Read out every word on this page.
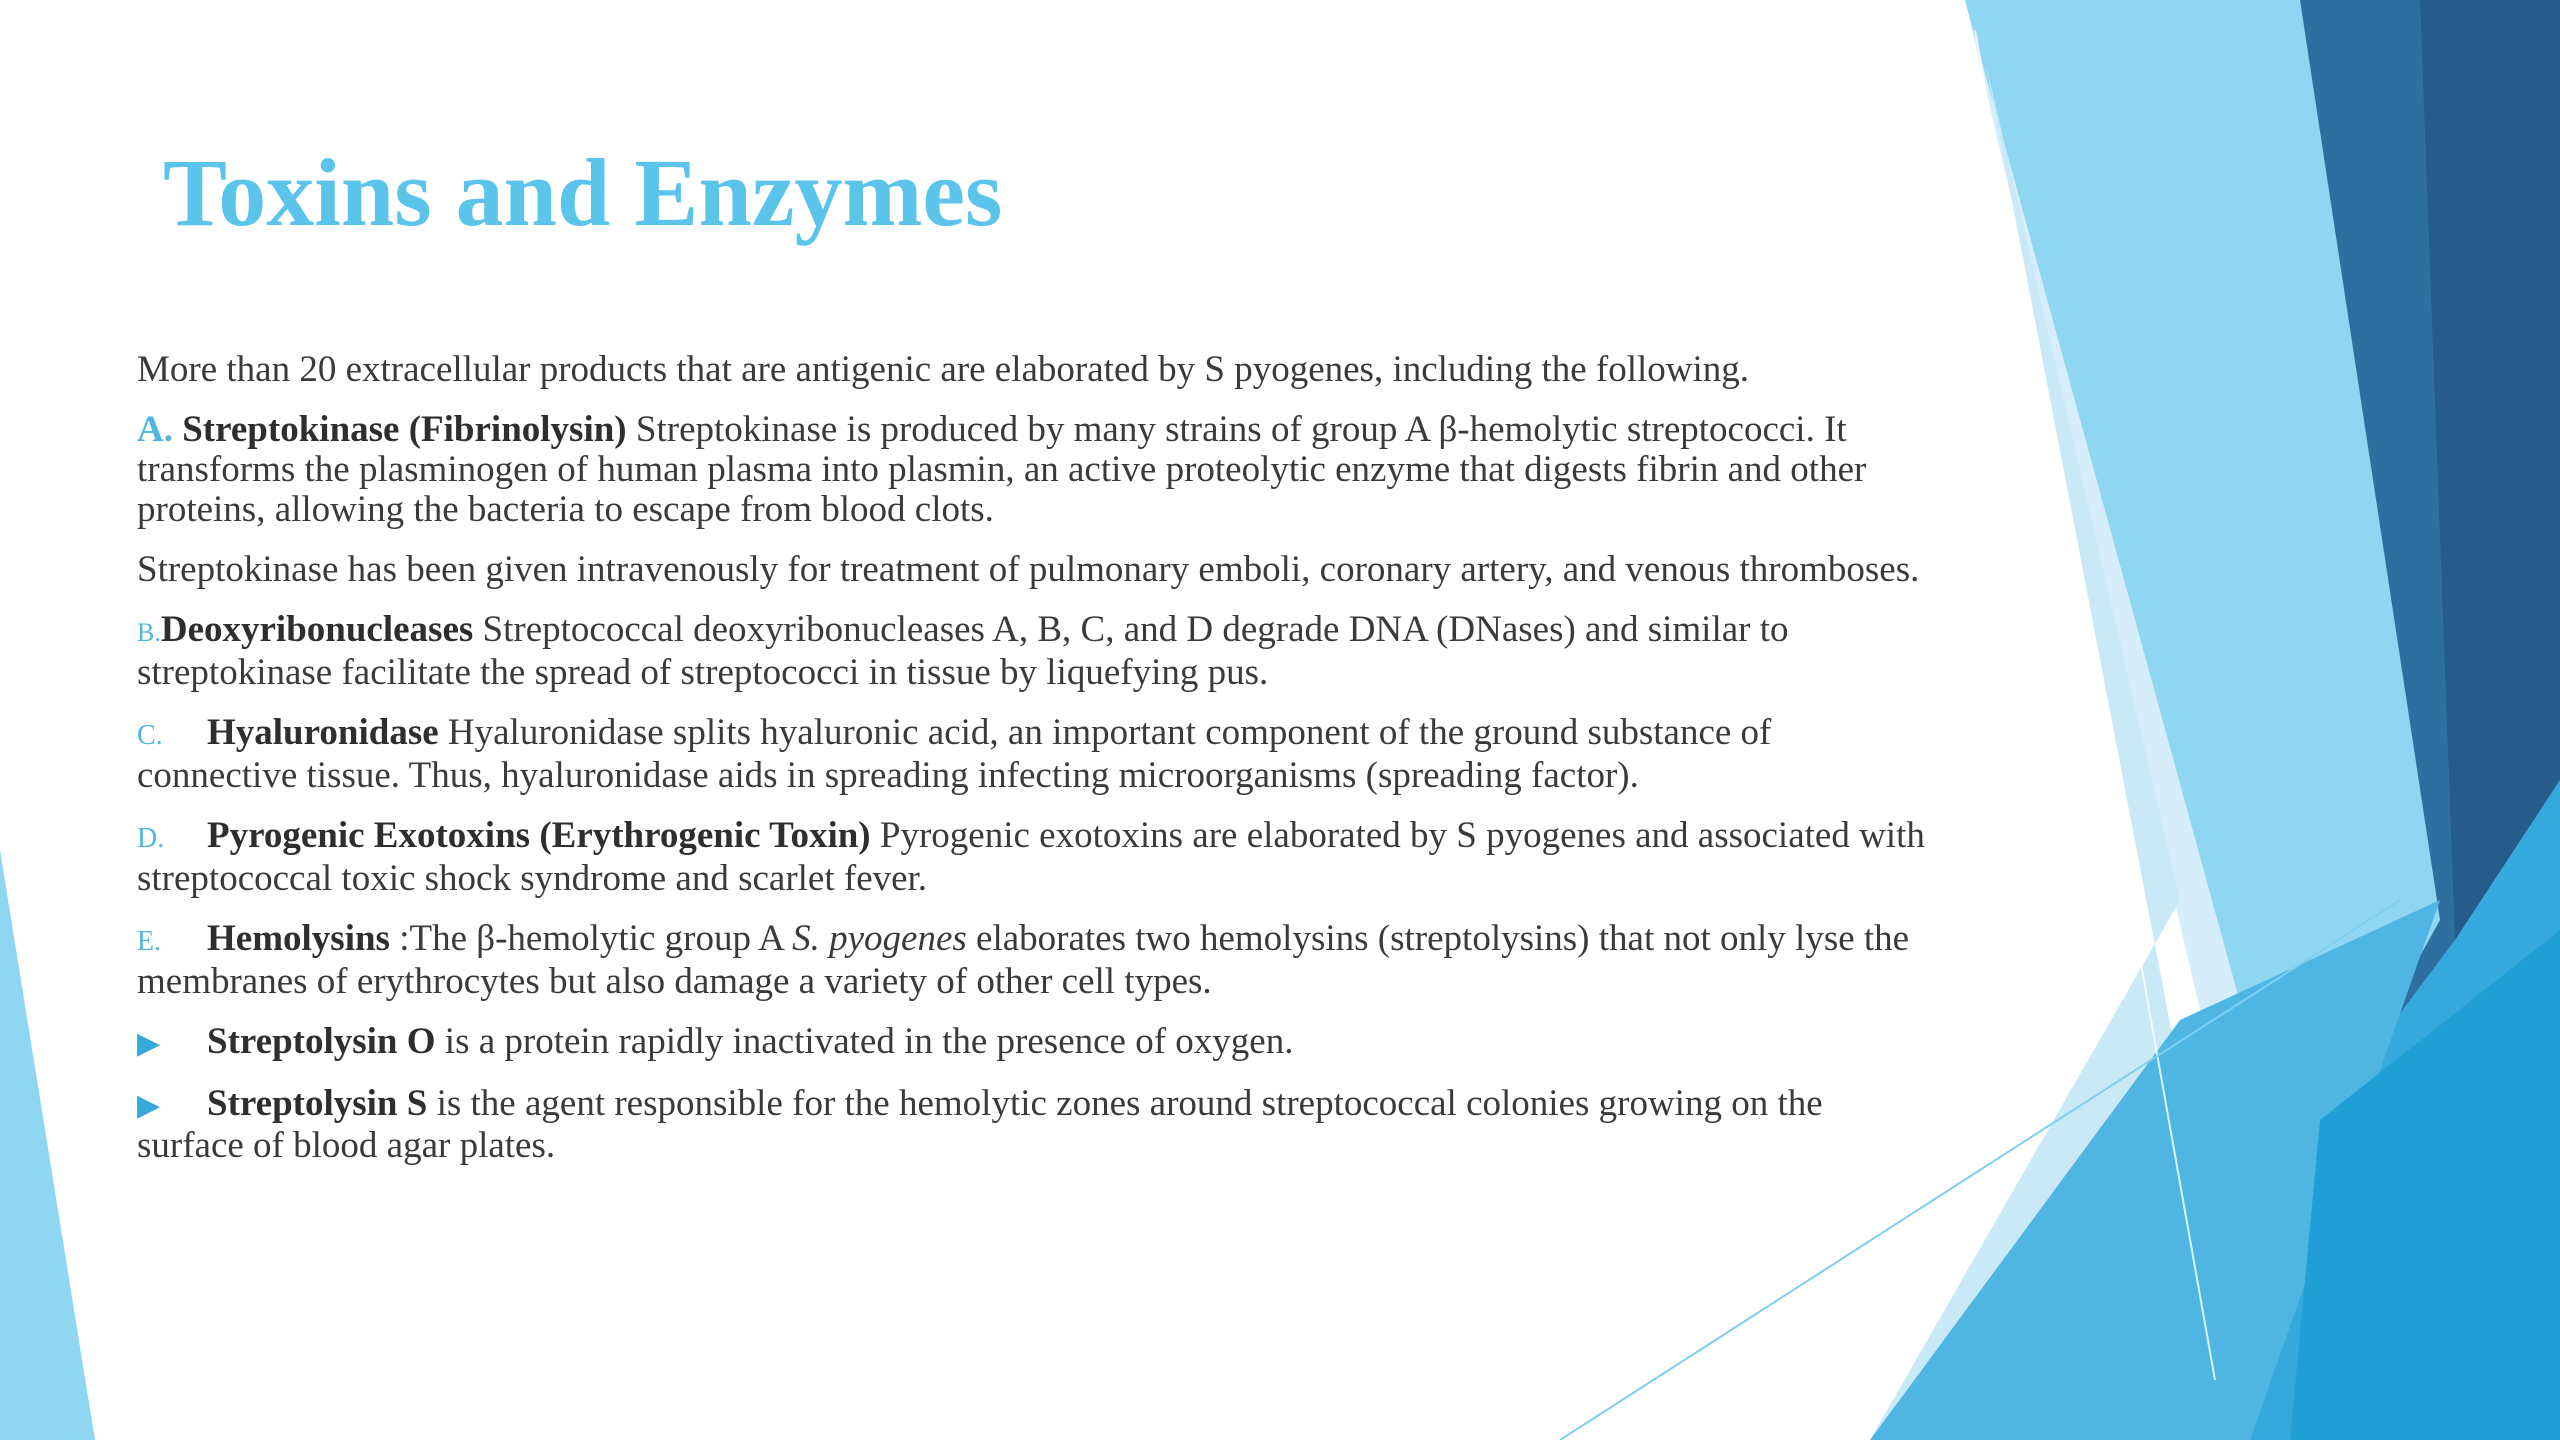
Toxins and Enzymes

More than 20 extracellular products that are antigenic are elaborated by S pyogenes, including the following.

A. Streptokinase (Fibrinolysin) Streptokinase is produced by many strains of group A β-hemolytic streptococci. It transforms the plasminogen of human plasma into plasmin, an active proteolytic enzyme that digests fibrin and other proteins, allowing the bacteria to escape from blood clots.

Streptokinase has been given intravenously for treatment of pulmonary emboli, coronary artery, and venous thromboses.

B.Deoxyribonucleases Streptococcal deoxyribonucleases A, B, C, and D degrade DNA (DNases) and similar to streptokinase facilitate the spread of streptococci in tissue by liquefying pus.

C. Hyaluronidase Hyaluronidase splits hyaluronic acid, an important component of the ground substance of connective tissue. Thus, hyaluronidase aids in spreading infecting microorganisms (spreading factor).

D. Pyrogenic Exotoxins (Erythrogenic Toxin) Pyrogenic exotoxins are elaborated by S pyogenes and associated with streptococcal toxic shock syndrome and scarlet fever.

E. Hemolysins :The β-hemolytic group A S. pyogenes elaborates two hemolysins (streptolysins) that not only lyse the membranes of erythrocytes but also damage a variety of other cell types.

▶ Streptolysin O is a protein rapidly inactivated in the presence of oxygen.

▶ Streptolysin S is the agent responsible for the hemolytic zones around streptococcal colonies growing on the surface of blood agar plates.
